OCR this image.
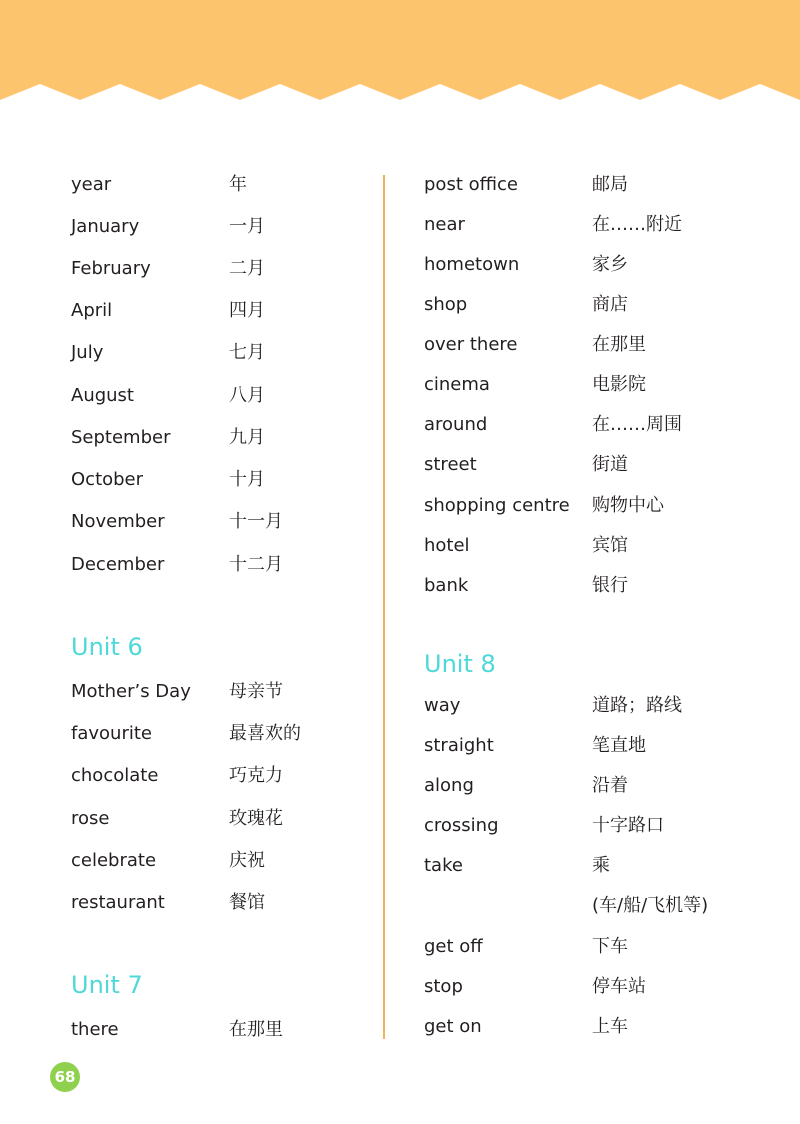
year	年
January	一月
February	二月
April	四月
July	七月
August	八月
September	九月
October	十月
November	十一月
December	十二月
Unit 6
Mother’s Day 母亲节
favourite	最喜欢的
chocolate	巧克力
rose	玫瑰花
celebrate	庆祝
restaurant	餐馆
Unit 7
there	在那里
post office	邮局
near	在……附近
hometown	家乡
shop	商店
over there	在那里
cinema	电影院
around	在……周围
street	街道
shopping centre 购物中心
hotel	宾馆
bank	银行
Unit 8
way	道路；路线
straight	笔直地
along	沿着
crossing	十字路口
take	乘
(车/船/飞机等)
get off	下车
stop	停车站
get on	上车
68
